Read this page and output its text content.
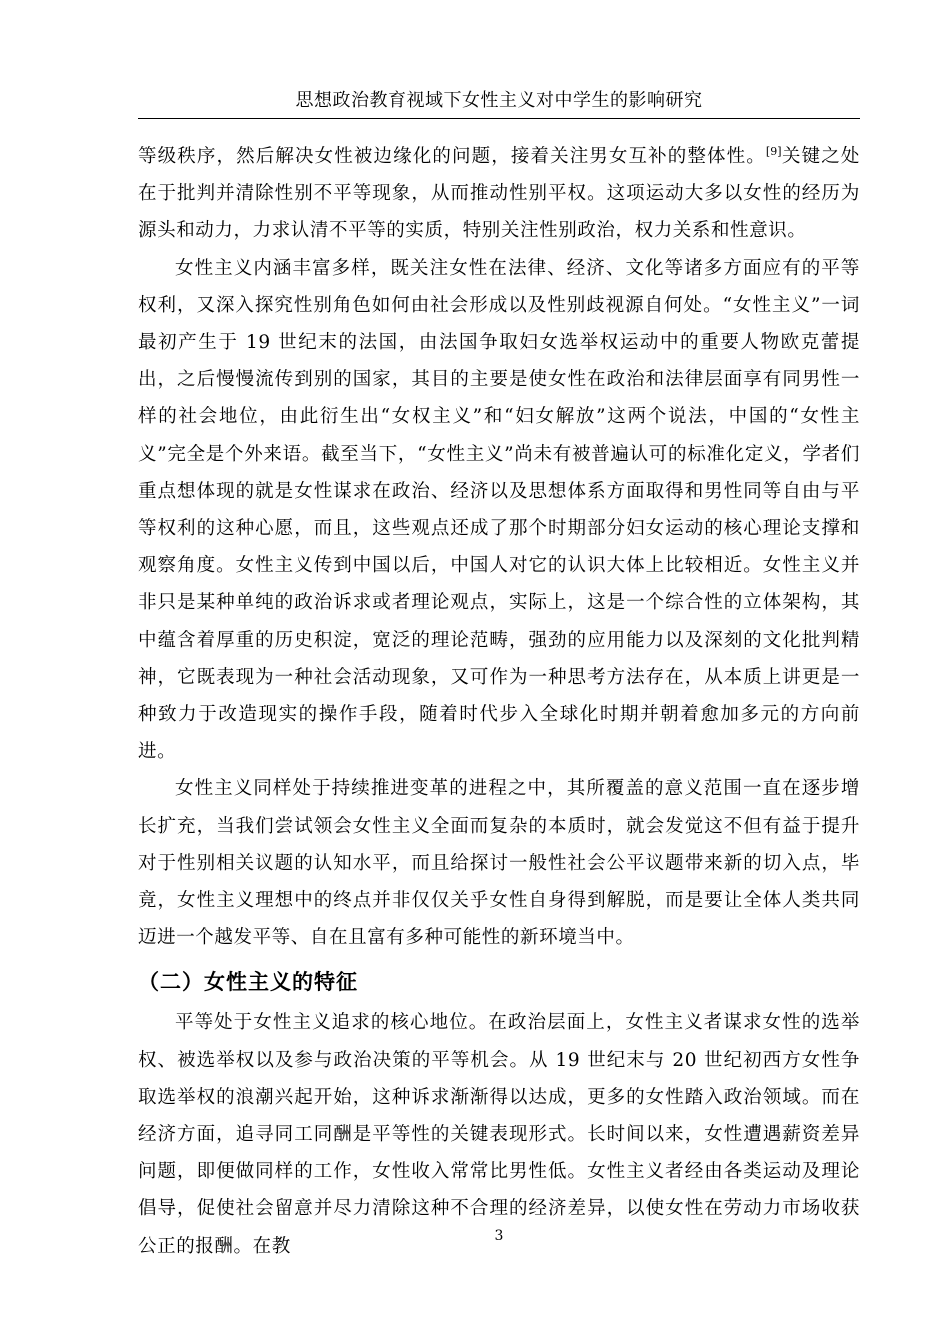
思想政治教育视域下女性主义对中学生的影响研究

等级秩序，然后解决女性被边缘化的问题，接着关注男女互补的整体性。[9]关键之处在于批判并清除性别不平等现象，从而推动性别平权。这项运动大多以女性的经历为源头和动力，力求认清不平等的实质，特别关注性别政治，权力关系和性意识。

女性主义内涵丰富多样，既关注女性在法律、经济、文化等诸多方面应有的平等权利，又深入探究性别角色如何由社会形成以及性别歧视源自何处。“女性主义”一词最初产生于 19 世纪末的法国，由法国争取妇女选举权运动中的重要人物欧克蕾提出，之后慢慢流传到别的国家，其目的主要是使女性在政治和法律层面享有同男性一样的社会地位，由此衍生出“女权主义”和“妇女解放”这两个说法，中国的“女性主义”完全是个外来语。截至当下，“女性主义”尚未有被普遍认可的标准化定义，学者们重点想体现的就是女性谋求在政治、经济以及思想体系方面取得和男性同等自由与平等权利的这种心愿，而且，这些观点还成了那个时期部分妇女运动的核心理论支撑和观察角度。女性主义传到中国以后，中国人对它的认识大体上比较相近。女性主义并非只是某种单纯的政治诉求或者理论观点，实际上，这是一个综合性的立体架构，其中蕴含着厚重的历史积淀，宽泛的理论范畴，强劲的应用能力以及深刻的文化批判精神，它既表现为一种社会活动现象，又可作为一种思考方法存在，从本质上讲更是一种致力于改造现实的操作手段，随着时代步入全球化时期并朝着愈加多元的方向前进。

女性主义同样处于持续推进变革的进程之中，其所覆盖的意义范围一直在逐步增长扩充，当我们尝试领会女性主义全面而复杂的本质时，就会发觉这不但有益于提升对于性别相关议题的认知水平，而且给探讨一般性社会公平议题带来新的切入点，毕竟，女性主义理想中的终点并非仅仅关乎女性自身得到解脱，而是要让全体人类共同迈进一个越发平等、自在且富有多种可能性的新环境当中。

（二）女性主义的特征

平等处于女性主义追求的核心地位。在政治层面上，女性主义者谋求女性的选举权、被选举权以及参与政治决策的平等机会。从 19 世纪末与 20 世纪初西方女性争取选举权的浪潮兴起开始，这种诉求渐渐得以达成，更多的女性踏入政治领域。而在经济方面，追寻同工同酬是平等性的关键表现形式。长时间以来，女性遭遇薪资差异问题，即便做同样的工作，女性收入常常比男性低。女性主义者经由各类运动及理论倡导，促使社会留意并尽力清除这种不合理的经济差异，以使女性在劳动力市场收获公正的报酬。在教	3
